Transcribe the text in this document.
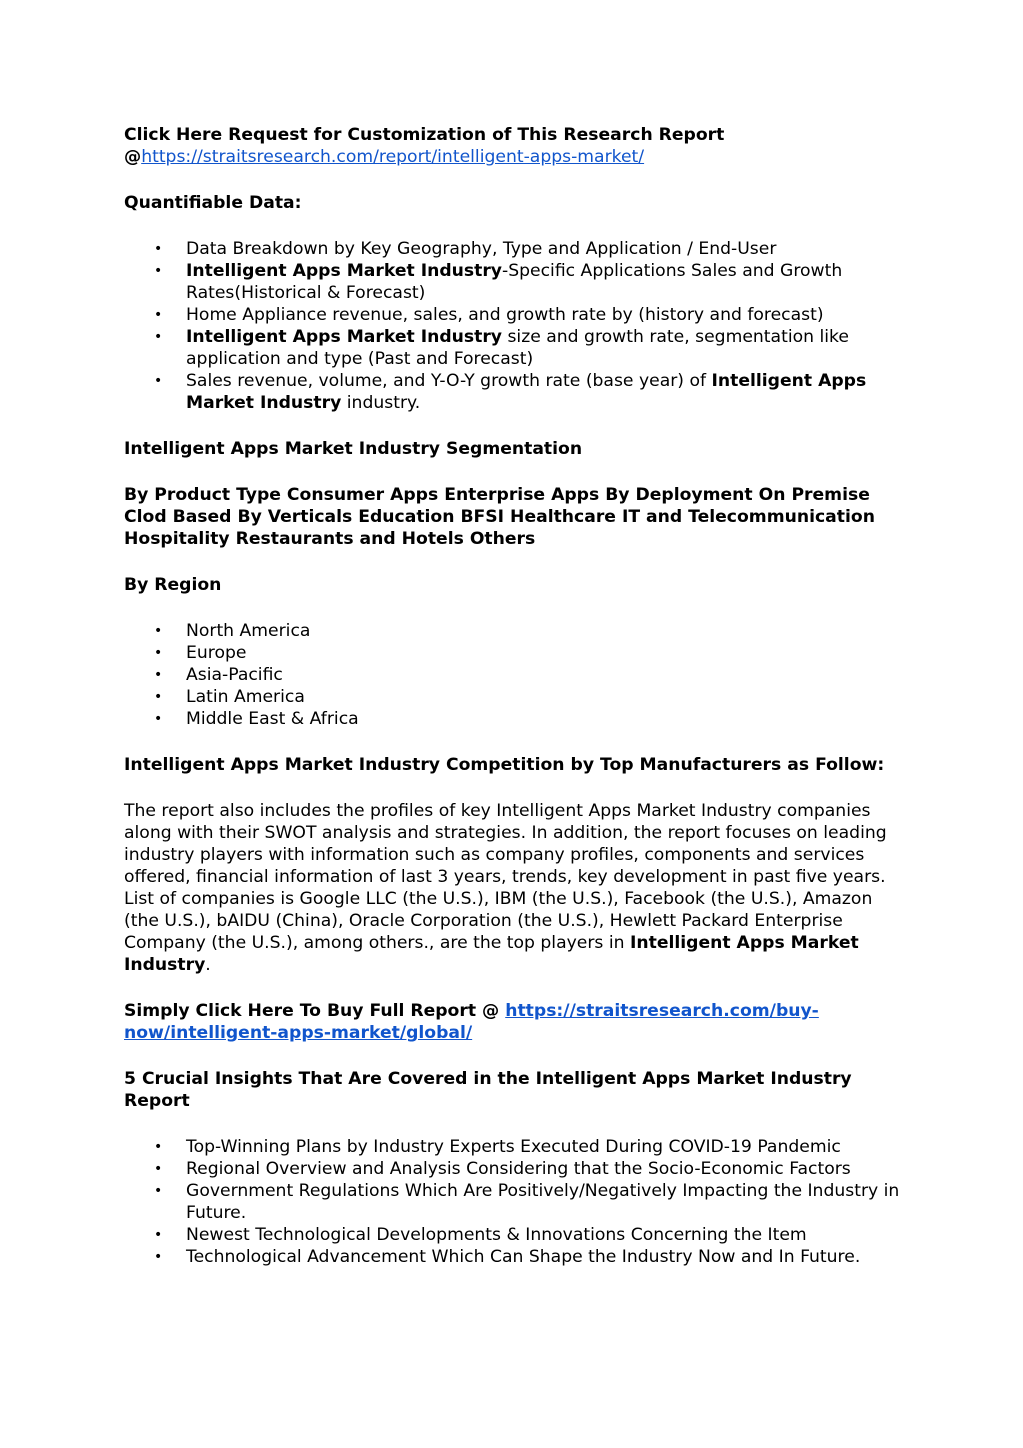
Click Here Request for Customization of This Research Report

@https://straitsresearch.com/report/intelligent-apps-market/

Quantifiable Data:

• Data Breakdown by Key Geography, Type and Application / End-User
• Intelligent Apps Market Industry-Specific Applications Sales and Growth Rates(Historical & Forecast)
• Home Appliance revenue, sales, and growth rate by (history and forecast)
• Intelligent Apps Market Industry size and growth rate, segmentation like application and type (Past and Forecast)
• Sales revenue, volume, and Y-O-Y growth rate (base year) of Intelligent Apps Market Industry industry.

Intelligent Apps Market Industry Segmentation

By Product Type Consumer Apps Enterprise Apps By Deployment On Premise Clod Based By Verticals Education BFSI Healthcare IT and Telecommunication Hospitality Restaurants and Hotels Others

By Region

• North America
• Europe
• Asia-Pacific
• Latin America
• Middle East & Africa

Intelligent Apps Market Industry Competition by Top Manufacturers as Follow:

The report also includes the profiles of key Intelligent Apps Market Industry companies along with their SWOT analysis and strategies. In addition, the report focuses on leading industry players with information such as company profiles, components and services offered, financial information of last 3 years, trends, key development in past five years. List of companies is Google LLC (the U.S.), IBM (the U.S.), Facebook (the U.S.), Amazon (the U.S.), bAIDU (China), Oracle Corporation (the U.S.), Hewlett Packard Enterprise Company (the U.S.), among others., are the top players in Intelligent Apps Market Industry.

Simply Click Here To Buy Full Report @ https://straitsresearch.com/buy-now/intelligent-apps-market/global/

5 Crucial Insights That Are Covered in the Intelligent Apps Market Industry Report

• Top-Winning Plans by Industry Experts Executed During COVID-19 Pandemic
• Regional Overview and Analysis Considering that the Socio-Economic Factors
• Government Regulations Which Are Positively/Negatively Impacting the Industry in Future.
• Newest Technological Developments & Innovations Concerning the Item
• Technological Advancement Which Can Shape the Industry Now and In Future.
